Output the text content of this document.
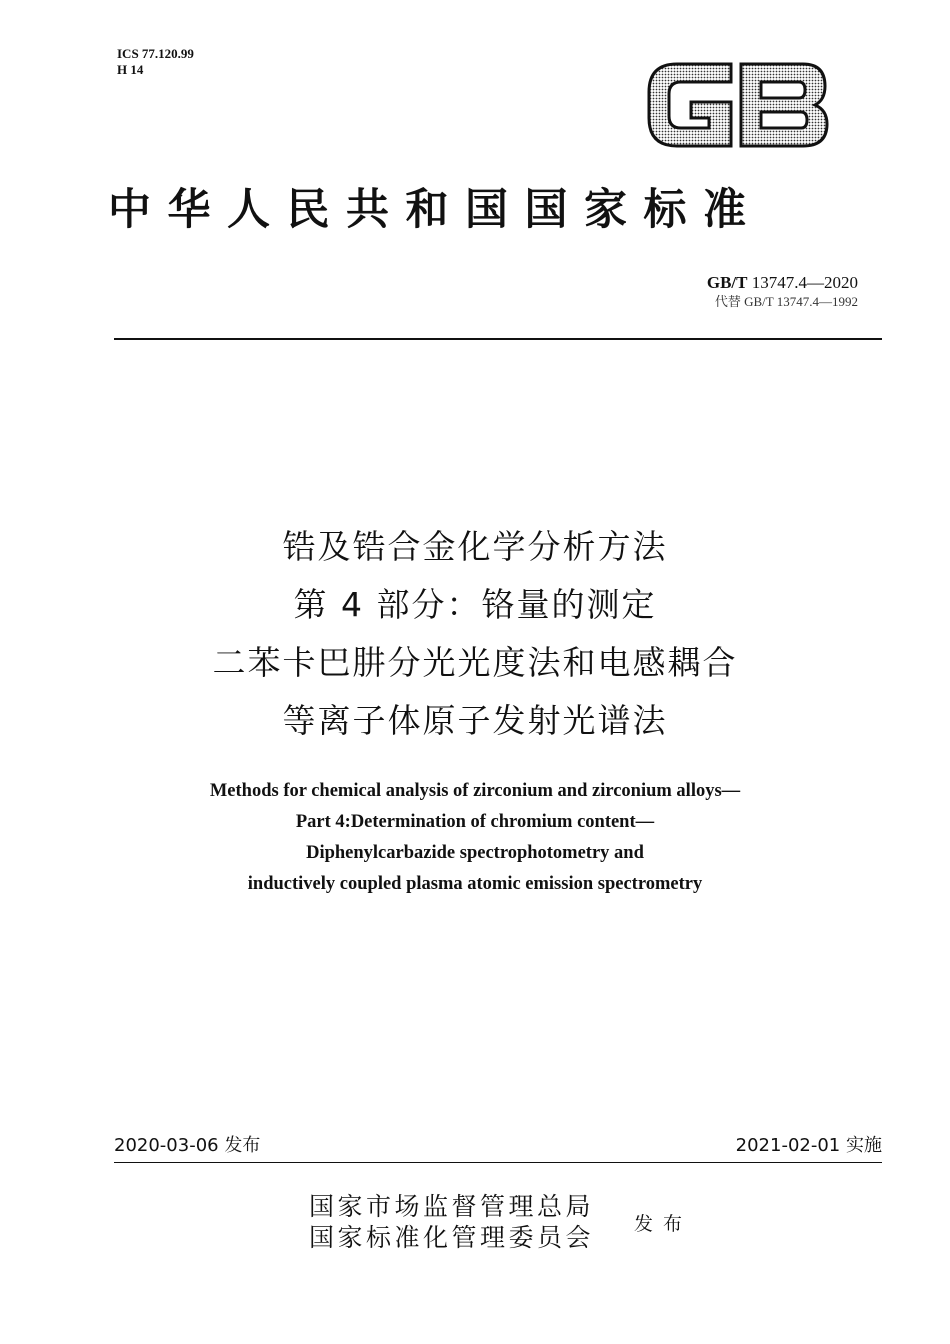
ICS 77.120.99
H 14
中华人民共和国国家标准
GB/T 13747.4—2020
代替 GB/T 13747.4—1992
锆及锆合金化学分析方法
第 4 部分：铬量的测定
二苯卡巴肼分光光度法和电感耦合
等离子体原子发射光谱法
Methods for chemical analysis of zirconium and zirconium alloys—
Part 4:Determination of chromium content—
Diphenylcarbazide spectrophotometry and
inductively coupled plasma atomic emission spectrometry
2020-03-06 发布	2021-02-01 实施
国家市场监督管理总局
国家标准化管理委员会 发布
